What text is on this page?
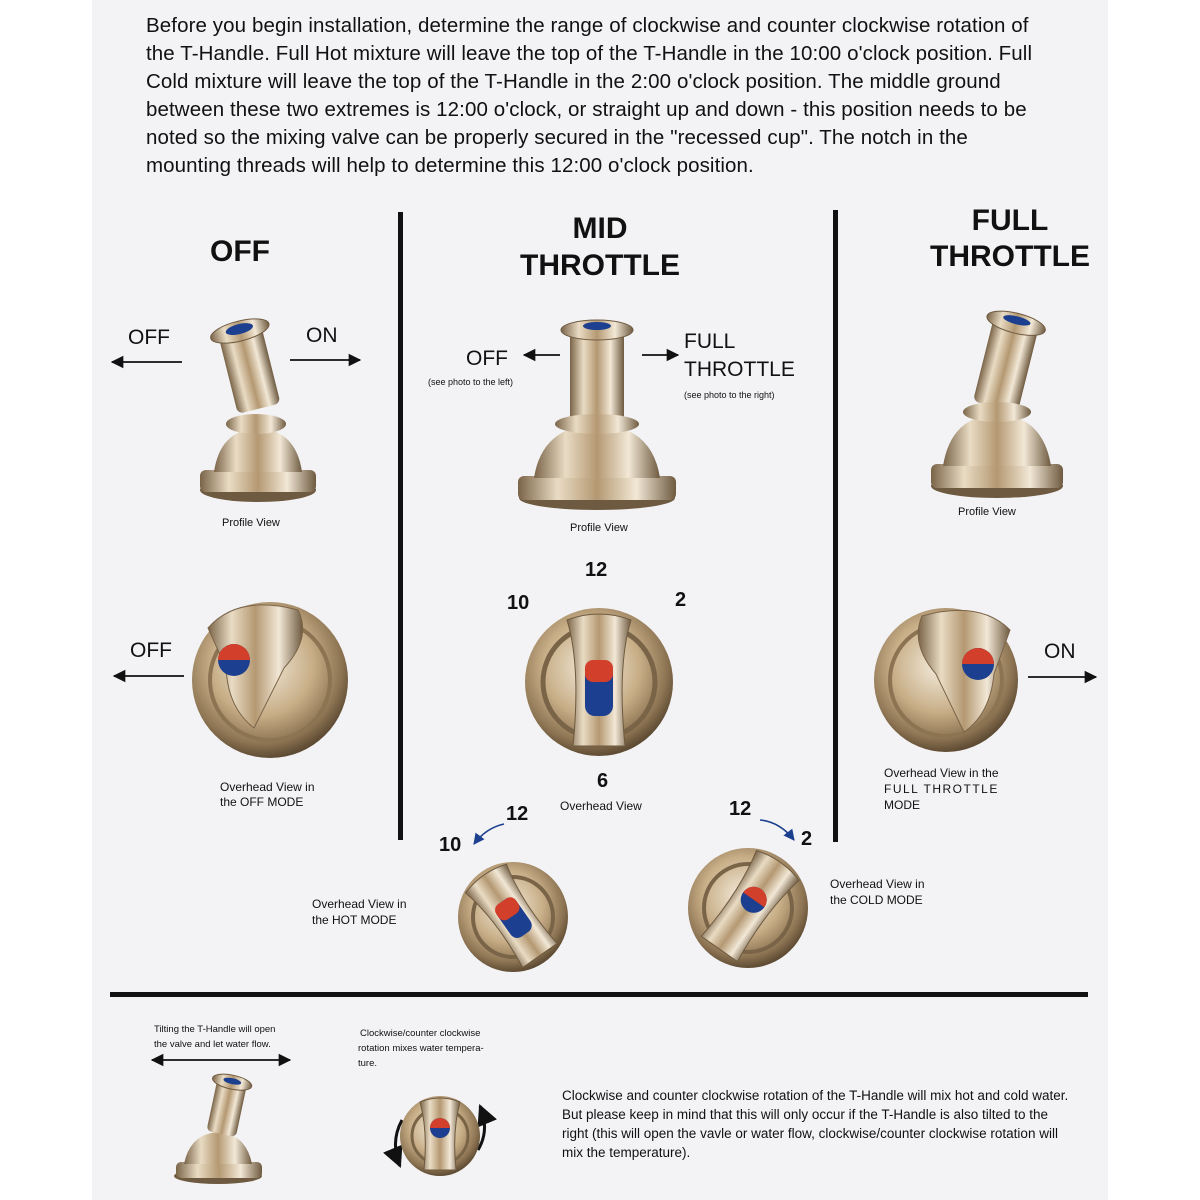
Before you begin installation, determine the range of clockwise and counter clockwise rotation of the T-Handle. Full Hot mixture will leave the top of the T-Handle in the 10:00 o'clock position. Full Cold mixture will leave the top of the T-Handle in the 2:00 o'clock position. The middle ground between these two extremes is 12:00 o'clock, or straight up and down - this position needs to be noted so the mixing valve can be properly secured in the "recessed cup". The notch in the mounting threads will help to determine this 12:00 o'clock position.
OFF
OFF	ON
Profile View
OFF
Overhead View in
the OFF MODE
MID
THROTTLE
OFF
(see photo to the left)
FULL
THROTTLE
(see photo to the right)
Profile View
12
10	2
6
Overhead View
FULL
THROTTLE
Profile View
ON
Overhead View in the
FULL THROTTLE
MODE
12
10
Overhead View in
the HOT MODE
12
2
Overhead View in
the COLD MODE
Tilting the T-Handle will open
the valve and let water flow.
Clockwise/counter clockwise
rotation mixes water tempera-
ture.
Clockwise and counter clockwise rotation of the T-Handle will mix hot and cold water. But please keep in mind that this will only occur if the T-Handle is also tilted to the right (this will open the vavle or water flow, clockwise/counter clockwise rotation will mix the temperature).
